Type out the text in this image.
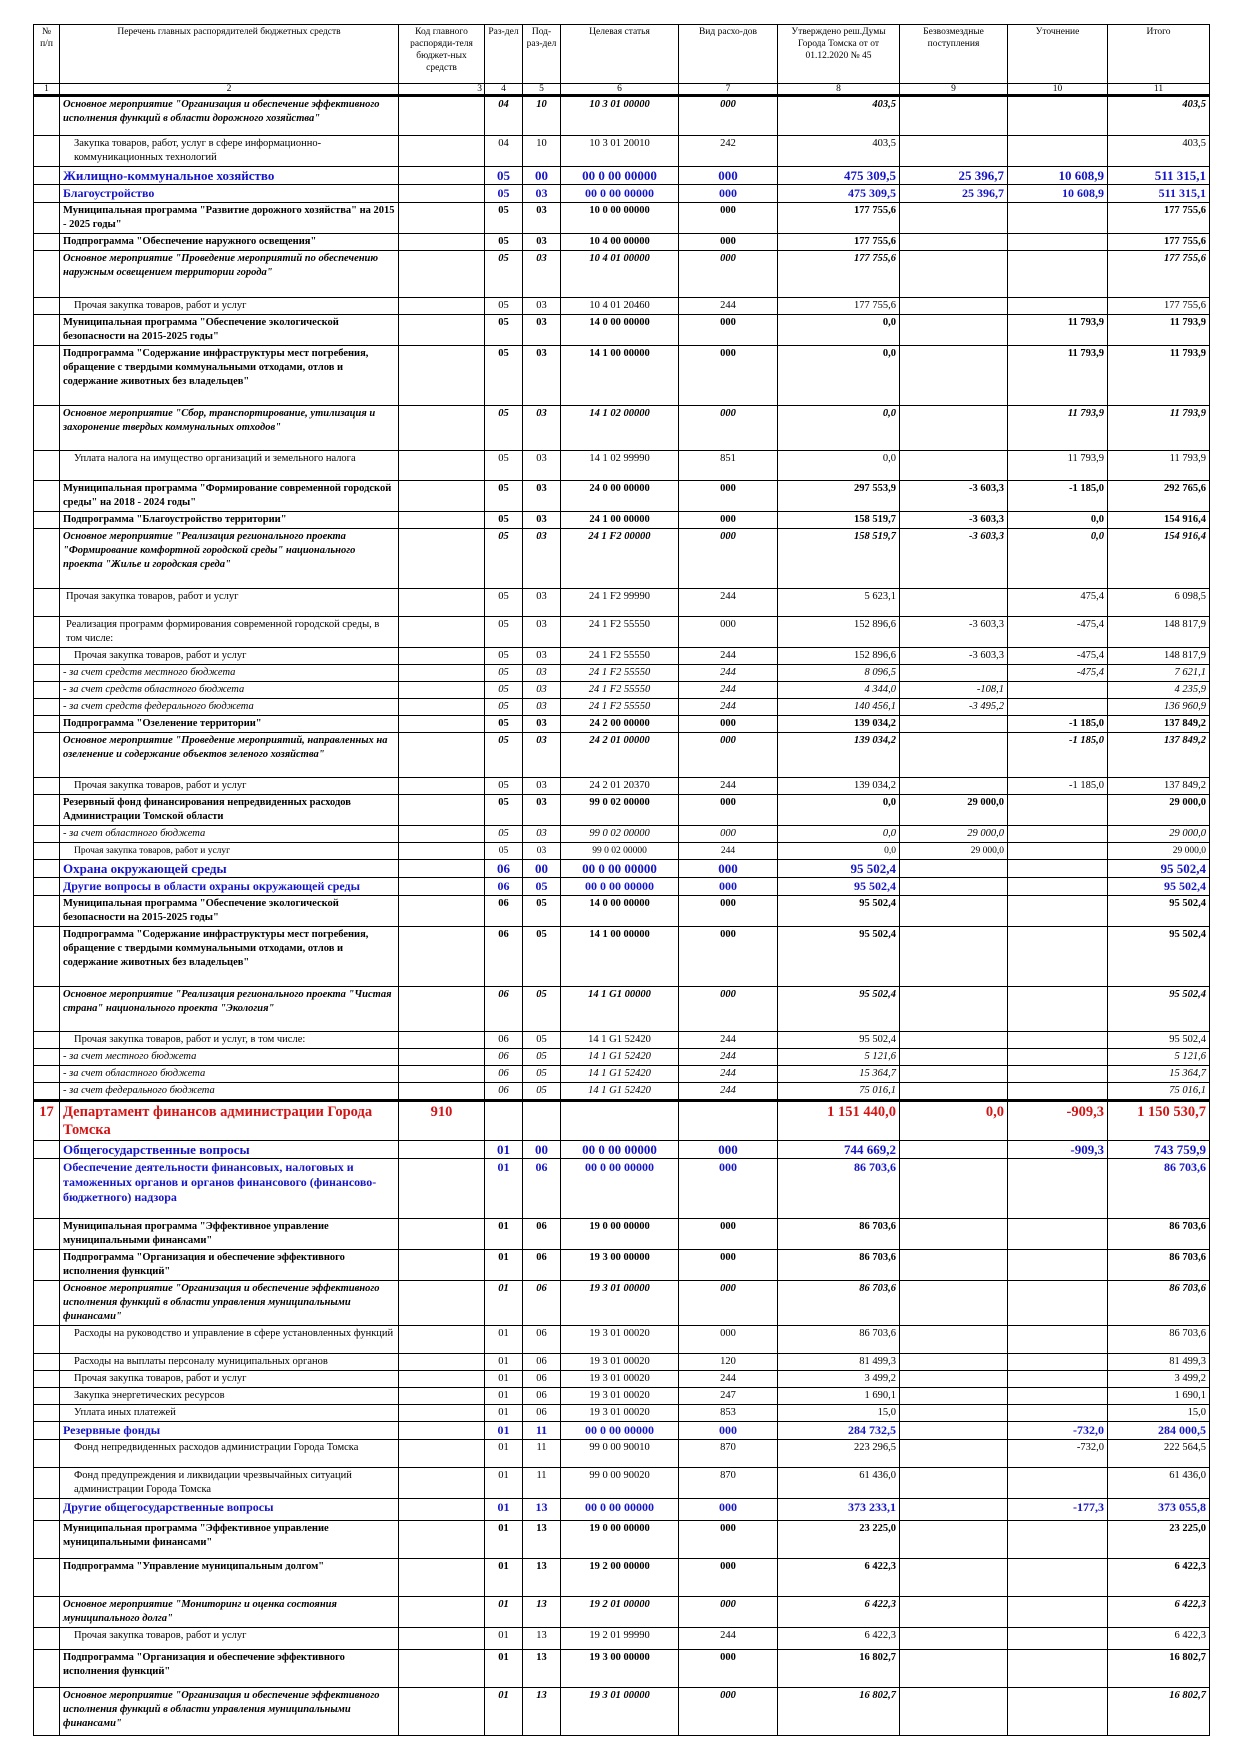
№ п/п	Перечень главных распорядителей бюджетных средств	Код главного распоряди-теля бюджет-ных средств	Раз-дел	Под-раз-дел	Целевая статья	Вид расхо-дов	Утверждено реш.Думы Города Томска от от 01.12.2020 № 45	Безвозмездные поступления	Уточнение	Итого
1	2	3	4	5	6	7	8	9	10	11
	Основное мероприятие "Организация и обеспечение эффективного исполнения функций в области дорожного хозяйства"		04	10	10 3 01 00000	000	403,5			403,5
	Закупка товаров, работ, услуг в сфере информационно-коммуникационных технологий		04	10	10 3 01 20010	242	403,5			403,5
	Жилищно-коммунальное хозяйство		05	00	00 0 00 00000	000	475 309,5	25 396,7	10 608,9	511 315,1
	Благоустройство		05	03	00 0 00 00000	000	475 309,5	25 396,7	10 608,9	511 315,1
	Муниципальная программа "Развитие дорожного хозяйства" на 2015 - 2025 годы"		05	03	10 0 00 00000	000	177 755,6			177 755,6
	Подпрограмма "Обеспечение наружного освещения"		05	03	10 4 00 00000	000	177 755,6			177 755,6
	Основное мероприятие "Проведение мероприятий по обеспечению наружным освещением территории города"		05	03	10 4 01 00000	000	177 755,6			177 755,6
	Прочая закупка товаров, работ и услуг		05	03	10 4 01 20460	244	177 755,6			177 755,6
	Муниципальная программа "Обеспечение экологической безопасности на 2015-2025 годы"		05	03	14 0 00 00000	000	0,0		11 793,9	11 793,9
	Подпрограмма "Содержание инфраструктуры мест погребения, обращение с твердыми коммунальными отходами, отлов и содержание животных без владельцев"		05	03	14 1 00 00000	000	0,0		11 793,9	11 793,9
	Основное мероприятие "Сбор, транспортирование, утилизация и захоронение твердых коммунальных отходов"		05	03	14 1 02 00000	000	0,0		11 793,9	11 793,9
	Уплата налога на имущество организаций и земельного налога		05	03	14 1 02 99990	851	0,0		11 793,9	11 793,9
	Муниципальная программа "Формирование современной городской среды" на 2018 - 2024 годы"		05	03	24 0 00 00000	000	297 553,9	-3 603,3	-1 185,0	292 765,6
	Подпрограмма "Благоустройство территории"		05	03	24 1 00 00000	000	158 519,7	-3 603,3	0,0	154 916,4
	Основное мероприятие "Реализация регионального проекта "Формирование комфортной городской среды" национального проекта "Жилье и городская среда"		05	03	24 1 F2 00000	000	158 519,7	-3 603,3	0,0	154 916,4
	Прочая закупка товаров, работ и услуг		05	03	24 1 F2 99990	244	5 623,1		475,4	6 098,5
	Реализация программ формирования современной городской среды, в том числе:		05	03	24 1 F2 55550	000	152 896,6	-3 603,3	-475,4	148 817,9
	Прочая закупка товаров, работ и услуг		05	03	24 1 F2 55550	244	152 896,6	-3 603,3	-475,4	148 817,9
	- за счет средств местного бюджета		05	03	24 1 F2 55550	244	8 096,5		-475,4	7 621,1
	- за счет средств областного бюджета		05	03	24 1 F2 55550	244	4 344,0	-108,1		4 235,9
	- за счет средств федерального бюджета		05	03	24 1 F2 55550	244	140 456,1	-3 495,2		136 960,9
	Подпрограмма "Озеленение территории"		05	03	24 2 00 00000	000	139 034,2		-1 185,0	137 849,2
	Основное мероприятие "Проведение мероприятий, направленных на озеленение и содержание объектов зеленого хозяйства"		05	03	24 2 01 00000	000	139 034,2		-1 185,0	137 849,2
	Прочая закупка товаров, работ и услуг		05	03	24 2 01 20370	244	139 034,2		-1 185,0	137 849,2
	Резервный фонд финансирования непредвиденных расходов Администрации Томской области		05	03	99 0 02 00000	000	0,0	29 000,0		29 000,0
	- за счет областного бюджета		05	03	99 0 02 00000	000	0,0	29 000,0		29 000,0
	Прочая закупка товаров, работ и услуг		05	03	99 0 02 00000	244	0,0	29 000,0		29 000,0
	Охрана окружающей среды		06	00	00 0 00 00000	000	95 502,4			95 502,4
	Другие вопросы в области охраны окружающей среды		06	05	00 0 00 00000	000	95 502,4			95 502,4
	Муниципальная программа "Обеспечение экологической безопасности на 2015-2025 годы"		06	05	14 0 00 00000	000	95 502,4			95 502,4
	Подпрограмма "Содержание инфраструктуры мест погребения, обращение с твердыми коммунальными отходами, отлов и содержание животных без владельцев"		06	05	14 1 00 00000	000	95 502,4			95 502,4
	Основное мероприятие "Реализация регионального проекта "Чистая страна" национального проекта "Экология"		06	05	14 1 G1 00000	000	95 502,4			95 502,4
	Прочая закупка товаров, работ и услуг, в том числе:		06	05	14 1 G1 52420	244	95 502,4			95 502,4
	- за счет местного бюджета		06	05	14 1 G1 52420	244	5 121,6			5 121,6
	- за счет областного бюджета		06	05	14 1 G1 52420	244	15 364,7			15 364,7
	- за счет федерального бюджета		06	05	14 1 G1 52420	244	75 016,1			75 016,1
17	Департамент финансов администрации Города Томска	910					1 151 440,0	0,0	-909,3	1 150 530,7
	Общегосударственные вопросы		01	00	00 0 00 00000	000	744 669,2		-909,3	743 759,9
	Обеспечение деятельности финансовых, налоговых и таможенных органов и органов финансового (финансово-бюджетного) надзора		01	06	00 0 00 00000	000	86 703,6			86 703,6
	Муниципальная программа "Эффективное управление муниципальными финансами"		01	06	19 0 00 00000	000	86 703,6			86 703,6
	Подпрограмма "Организация и обеспечение эффективного исполнения функций"		01	06	19 3 00 00000	000	86 703,6			86 703,6
	Основное мероприятие "Организация и обеспечение эффективного исполнения функций в области управления муниципальными финансами"		01	06	19 3 01 00000	000	86 703,6			86 703,6
	Расходы на руководство и управление в сфере установленных функций		01	06	19 3 01 00020	000	86 703,6			86 703,6
	Расходы на выплаты персоналу муниципальных органов		01	06	19 3 01 00020	120	81 499,3			81 499,3
	Прочая закупка товаров, работ и услуг		01	06	19 3 01 00020	244	3 499,2			3 499,2
	Закупка энергетических ресурсов		01	06	19 3 01 00020	247	1 690,1			1 690,1
	Уплата иных платежей		01	06	19 3 01 00020	853	15,0			15,0
	Резервные фонды		01	11	00 0 00 00000	000	284 732,5		-732,0	284 000,5
	Фонд непредвиденных расходов администрации Города Томска		01	11	99 0 00 90010	870	223 296,5		-732,0	222 564,5
	Фонд предупреждения и ликвидации чрезвычайных ситуаций администрации Города Томска		01	11	99 0 00 90020	870	61 436,0			61 436,0
	Другие общегосударственные вопросы		01	13	00 0 00 00000	000	373 233,1		-177,3	373 055,8
	Муниципальная программа "Эффективное управление муниципальными финансами"		01	13	19 0 00 00000	000	23 225,0			23 225,0
	Подпрограмма "Управление муниципальным долгом"		01	13	19 2 00 00000	000	6 422,3			6 422,3
	Основное мероприятие "Мониторинг и оценка состояния муниципального долга"		01	13	19 2 01 00000	000	6 422,3			6 422,3
	Прочая закупка товаров, работ и услуг		01	13	19 2 01 99990	244	6 422,3			6 422,3
	Подпрограмма "Организация и обеспечение эффективного исполнения функций"		01	13	19 3 00 00000	000	16 802,7			16 802,7
	Основное мероприятие "Организация и обеспечение эффективного исполнения функций в области управления муниципальными финансами"		01	13	19 3 01 00000	000	16 802,7			16 802,7
